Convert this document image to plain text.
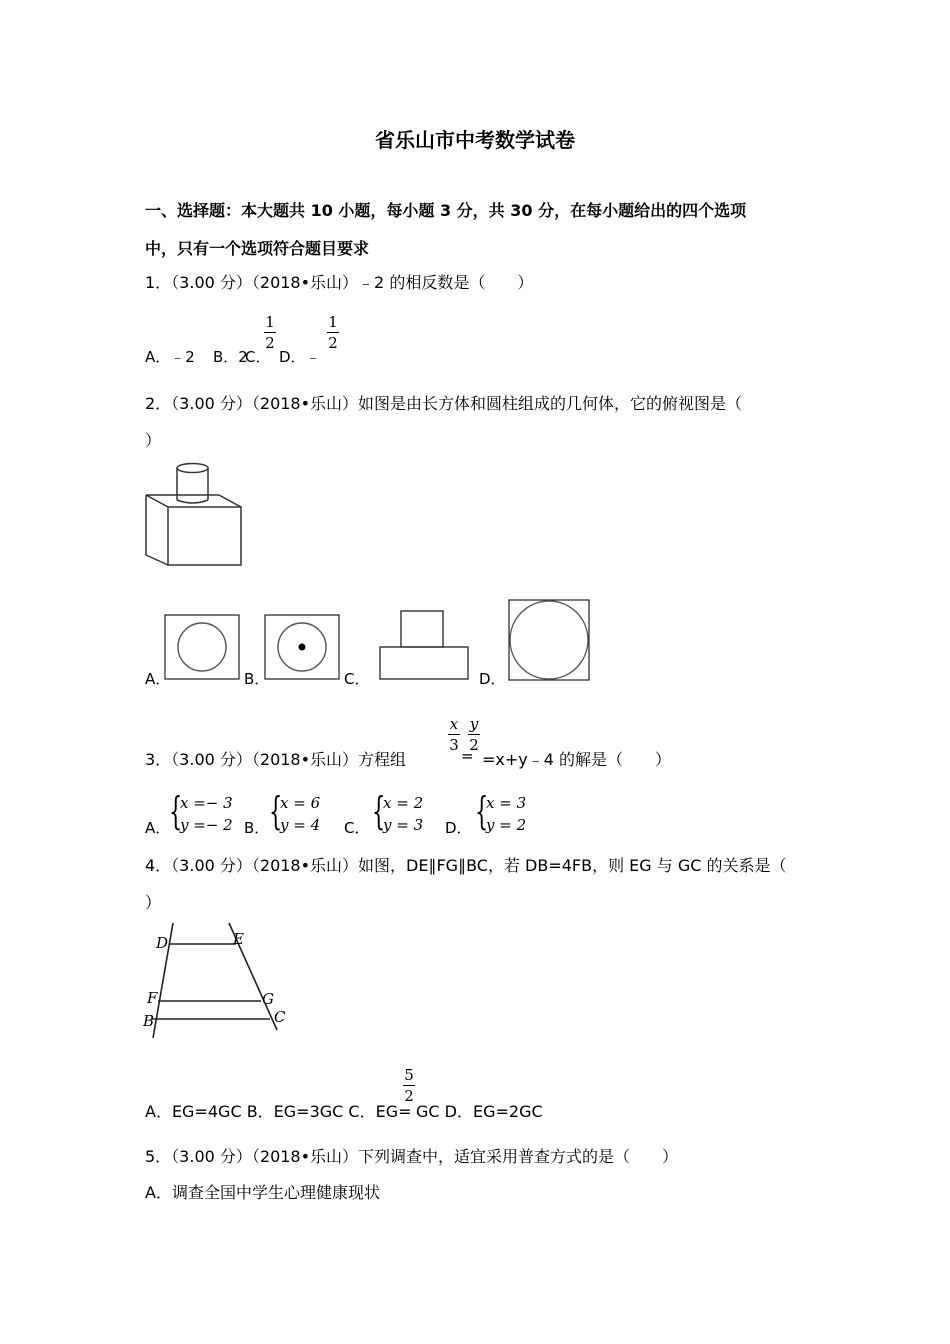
省乐山市中考数学试卷
一、选择题：本大题共 10 小题，每小题 3 分，共 30 分，在每小题给出的四个选项
中，只有一个选项符合题目要求
1．（3.00 分）（2018•乐山）﹣2 的相反数是（　　）
A．﹣2 B．2
C．
1
2
D．﹣
1
2
2．（3.00 分）（2018•乐山）如图是由长方体和圆柱组成的几何体，它的俯视图是（
）
A．	B．	C．	D．
3．（3.00 分）（2018•乐山）方程组
x
3
=
y
2
=x+y﹣4 的解是（　　）
A．
{
x =− 3
y =− 2 B． {
x = 6
y = 4 C． {
x = 2
y = 3 D． {
x = 3
y = 2
4．（3.00 分）（2018•乐山）如图，DE∥FG∥BC，若 DB=4FB，则 EG 与 GC 的关系是（
）
D	E
F	G
B	C
A．EG=4GC B．EG=3GC C．EG=
5
2
GC D．EG=2GC
5．（3.00 分）（2018•乐山）下列调查中，适宜采用普查方式的是（　　）
A．调查全国中学生心理健康现状
